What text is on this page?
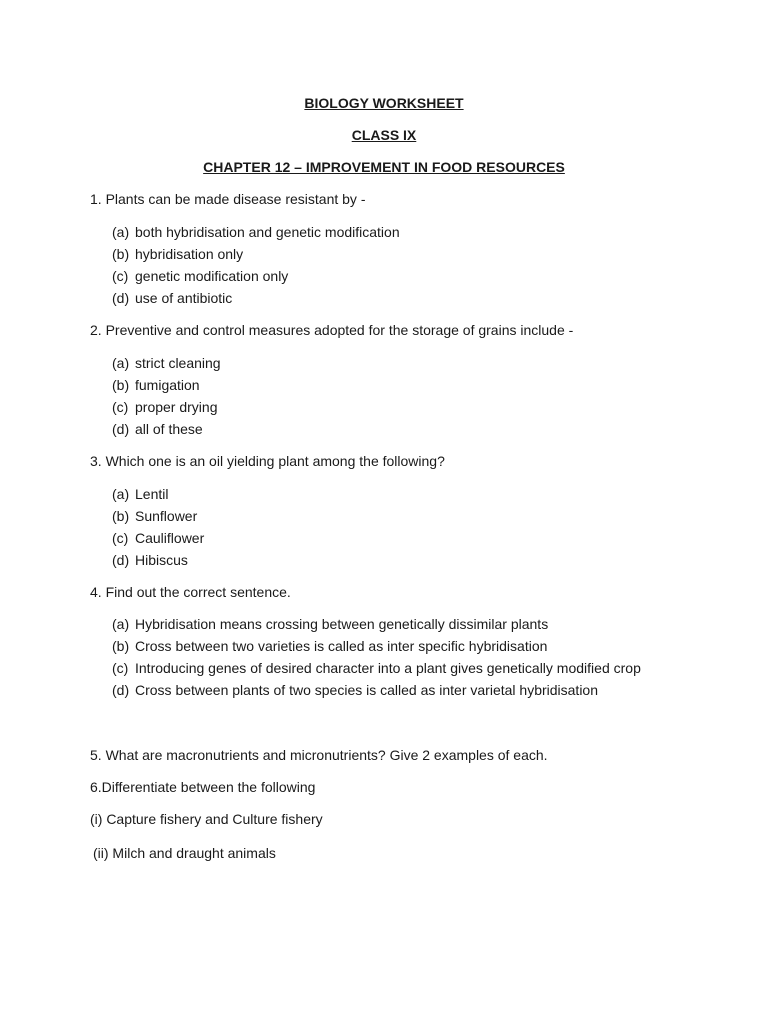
BIOLOGY WORKSHEET
CLASS IX
CHAPTER 12 – IMPROVEMENT IN FOOD RESOURCES
1. Plants can be made disease resistant by -
(a) both hybridisation and genetic modification
(b) hybridisation only
(c) genetic modification only
(d) use of antibiotic
2. Preventive and control measures adopted for the storage of grains include -
(a) strict cleaning
(b) fumigation
(c) proper drying
(d) all of these
3. Which one is an oil yielding plant among the following?
(a) Lentil
(b) Sunflower
(c) Cauliflower
(d) Hibiscus
4. Find out the correct sentence.
(a) Hybridisation means crossing between genetically dissimilar plants
(b) Cross between two varieties is called as inter specific hybridisation
(c) Introducing genes of desired character into a plant gives genetically modified crop
(d) Cross between plants of two species is called as inter varietal hybridisation
5. What are macronutrients and micronutrients? Give 2 examples of each.
6.Differentiate between the following
(i) Capture fishery and Culture fishery
(ii) Milch and draught animals
